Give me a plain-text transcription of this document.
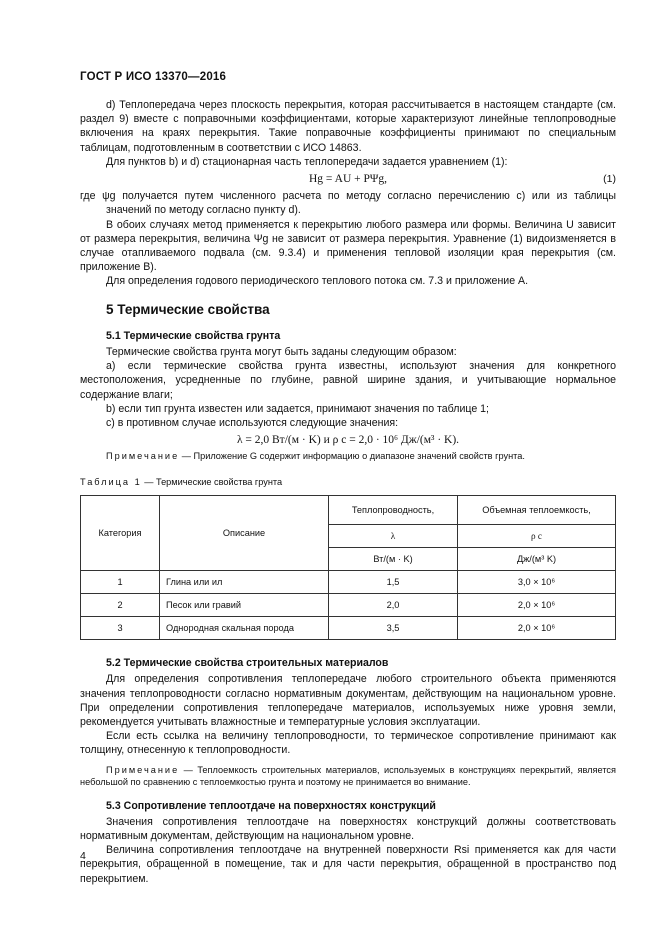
ГОСТ Р ИСО 13370—2016

d) Теплопередача через плоскость перекрытия, которая рассчитывается в настоящем стандарте (см. раздел 9) вместе с поправочными коэффициентами, которые характеризуют линейные теплопроводные включения на краях перекрытия. Такие поправочные коэффициенты принимают по специальным таблицам, подготовленным в соответствии с ИСО 14863.

Для пунктов b) и d) стационарная часть теплопередачи задается уравнением (1):

Hg = AU + PΨg,	(1)

где ψg получается путем численного расчета по методу согласно перечислению с) или из таблицы значений по методу согласно пункту d).

В обоих случаях метод применяется к перекрытию любого размера или формы. Величина U зависит от размера перекрытия, величина Ψg не зависит от размера перекрытия. Уравнение (1) видоизменяется в случае отапливаемого подвала (см. 9.3.4) и применения тепловой изоляции края перекрытия (см. приложение В).

Для определения годового периодического теплового потока см. 7.3 и приложение А.

5 Термические свойства
5.1 Термические свойства грунта

Термические свойства грунта могут быть заданы следующим образом:

а) если термические свойства грунта известны, используют значения для конкретного местоположения, усредненные по глубине, равной ширине здания, и учитывающие нормальное содержание влаги;

b) если тип грунта известен или задается, принимают значения по таблице 1;

с) в противном случае используются следующие значения:

λ = 2,0 Вт/(м · K) и ρ c = 2,0 · 10⁶ Дж/(м³ · K).

Примечание — Приложение G содержит информацию о диапазоне значений свойств грунта.

Таблица 1 — Термические свойства грунта
Категория	Описание	Теплопроводность,	Объемная теплоемкость,
		λ	ρ c
		Вт/(м · K)	Дж/(м³ K)
1	Глина или ил	1,5	3,0 × 10⁶
2	Песок или гравий	2,0	2,0 × 10⁶
3	Однородная скальная порода	3,5	2,0 × 10⁶
5.2 Термические свойства строительных материалов

Для определения сопротивления теплопередаче любого строительного объекта применяются значения теплопроводности согласно нормативным документам, действующим на национальном уровне. При определении сопротивления теплопередаче материалов, используемых ниже уровня земли, рекомендуется учитывать влажностные и температурные условия эксплуатации.

Если есть ссылка на величину теплопроводности, то термическое сопротивление принимают как толщину, отнесенную к теплопроводности.

Примечание — Теплоемкость строительных материалов, используемых в конструкциях перекрытий, является небольшой по сравнению с теплоемкостью грунта и поэтому не принимается во внимание.

5.3 Сопротивление теплоотдаче на поверхностях конструкций

Значения сопротивления теплоотдаче на поверхностях конструкций должны соответствовать нормативным документам, действующим на национальном уровне.

Величина сопротивления теплоотдаче на внутренней поверхности Rsi применяется как для части перекрытия, обращенной в помещение, так и для части перекрытия, обращенной в пространство под перекрытием.

4
